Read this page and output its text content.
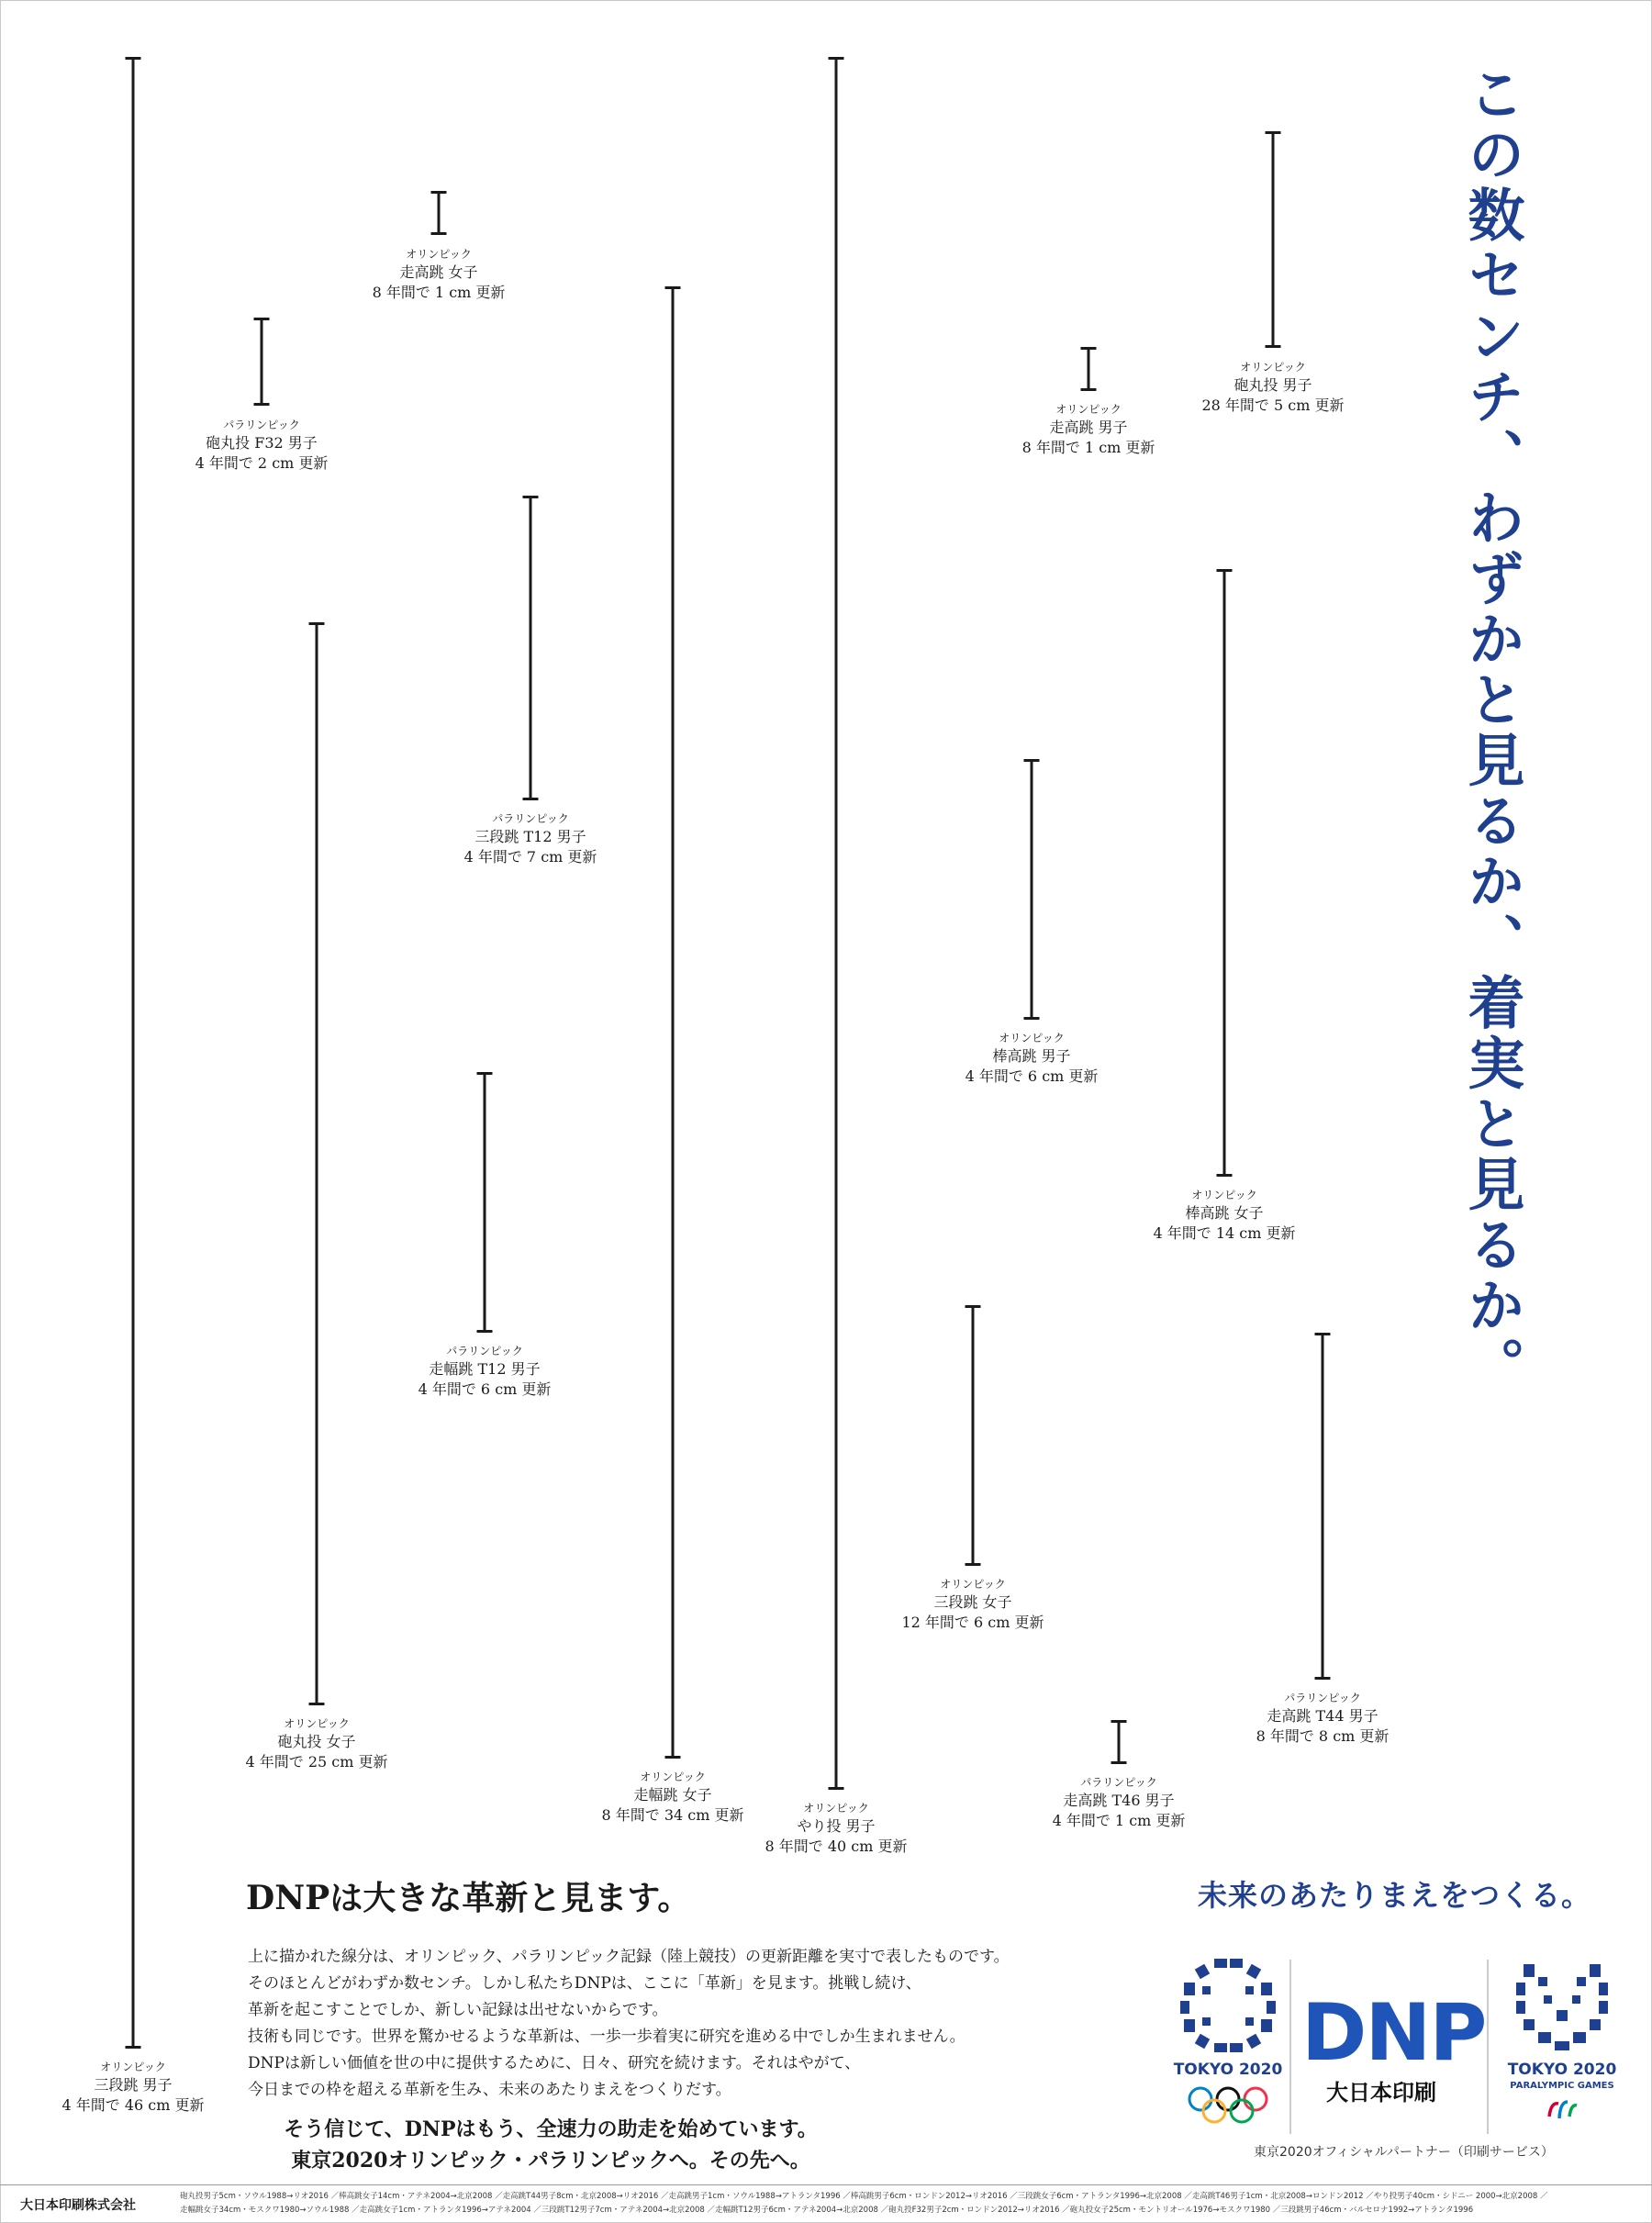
オリンピック
三段跳 男子
4 年間で 46 cm 更新
オリンピック
走高跳 女子
8 年間で 1 cm 更新
パラリンピック
砲丸投 F32 男子
4 年間で 2 cm 更新
パラリンピック
三段跳 T12 男子
4 年間で 7 cm 更新
オリンピック
砲丸投 女子
4 年間で 25 cm 更新
パラリンピック
走幅跳 T12 男子
4 年間で 6 cm 更新
オリンピック
走幅跳 女子
8 年間で 34 cm 更新	オリンピック
やり投 男子
8 年間で 40 cm 更新
オリンピック
走高跳 男子
8 年間で 1 cm 更新
オリンピック
砲丸投 男子
28 年間で 5 cm 更新
オリンピック
棒高跳 男子
4 年間で 6 cm 更新
オリンピック
棒高跳 女子
4 年間で 14 cm 更新
オリンピック
三段跳 女子
12 年間で 6 cm 更新
パラリンピック
走高跳 T44 男子
8 年間で 8 cm 更新
パラリンピック
走高跳 T46 男子
4 年間で 1 cm 更新
この数センチ、わずかと見るか、着実と見るか。
DNPは大きな革新と見ます。
上に描かれた線分は、オリンピック、パラリンピック記録（陸上競技）の更新距離を実寸で表したものです。
そのほとんどがわずか数センチ。しかし私たちDNPは、ここに「革新」を見ます。挑戦し続け、
革新を起こすことでしか、新しい記録は出せないからです。
技術も同じです。世界を驚かせるような革新は、一歩一歩着実に研究を進める中でしか生まれません。
DNPは新しい価値を世の中に提供するために、日々、研究を続けます。それはやがて、
今日までの枠を超える革新を生み、未来のあたりまえをつくりだす。
そう信じて、DNPはもう、全速力の助走を始めています。
東京2020オリンピック・パラリンピックへ。その先へ。
未来のあたりまえをつくる。
TOKYO 2020 DNP
大日本印刷
TOKYO 2020
PARALYMPIC GAMES
東京2020オフィシャルパートナー（印刷サービス）
大日本印刷株式会社
砲丸投男子5cm・ソウル1988→リオ2016 ／棒高跳女子14cm・アテネ2004→北京2008 ／走高跳T44男子8cm・北京2008→リオ2016 ／走高跳男子1cm・ソウル1988→アトランタ1996 ／棒高跳男子6cm・ロンドン2012→リオ2016 ／三段跳女子6cm・アトランタ1996→北京2008 ／走高跳T46男子1cm・北京2008→ロンドン2012 ／やり投男子40cm・シドニー 2000→北京2008 ／
走幅跳女子34cm・モスクワ1980→ソウル1988 ／走高跳女子1cm・アトランタ1996→アテネ2004 ／三段跳T12男子7cm・アテネ2004→北京2008 ／走幅跳T12男子6cm・アテネ2004→北京2008 ／砲丸投F32男子2cm・ロンドン2012→リオ2016 ／砲丸投女子25cm・モントリオール1976→モスクワ1980 ／三段跳男子46cm・バルセロナ1992→アトランタ1996
